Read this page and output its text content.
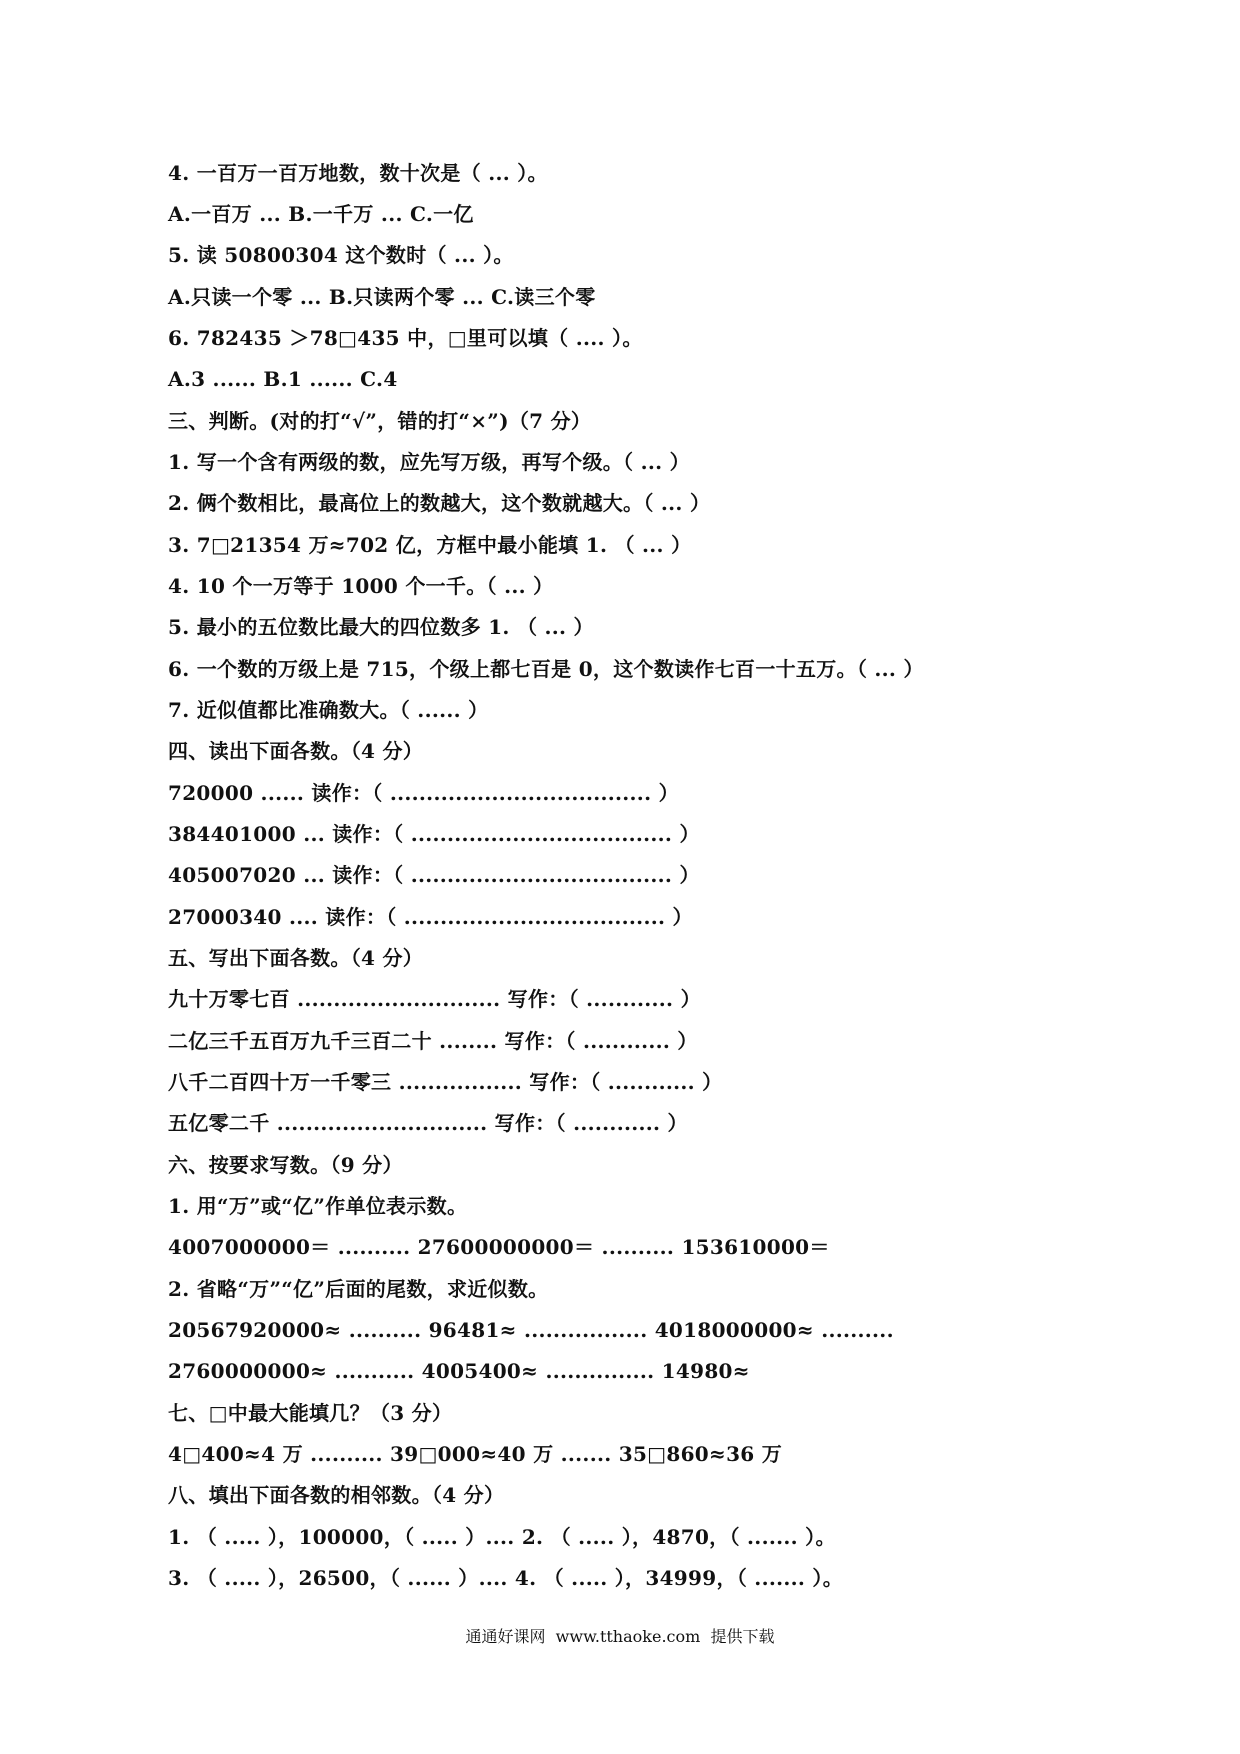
4. 一百万一百万地数，数十次是（ ... ）。
A.一百万 ... B.一千万 ... C.一亿
5. 读 50800304 这个数时（ ... ）。
A.只读一个零 ... B.只读两个零 ... C.读三个零
6. 782435 ＞78□435 中，□里可以填（ .... ）。
A.3 ...... B.1 ...... C.4
三、判断。(对的打“√”，错的打“×”)（7 分）
1. 写一个含有两级的数，应先写万级，再写个级。（ ... ）
2. 俩个数相比，最高位上的数越大，这个数就越大。（ ... ）
3. 7□21354 万≈702 亿，方框中最小能填 1. （ ... ）
4. 10 个一万等于 1000 个一千。（ ... ）
5. 最小的五位数比最大的四位数多 1. （ ... ）
6. 一个数的万级上是 715，个级上都七百是 0，这个数读作七百一十五万。（ ... ）
7. 近似值都比准确数大。（ ...... ）
四、读出下面各数。（4 分）
720000 ...... 读作：（ .................................... ）
384401000 ... 读作：（ .................................... ）
405007020 ... 读作：（ .................................... ）
27000340 .... 读作：（ .................................... ）
五、写出下面各数。（4 分）
九十万零七百 ............................ 写作：（ ............ ）
二亿三千五百万九千三百二十 ........ 写作：（ ............ ）
八千二百四十万一千零三 ................. 写作：（ ............ ）
五亿零二千 ............................. 写作：（ ............ ）
六、按要求写数。（9 分）
1. 用“万”或“亿”作单位表示数。
4007000000＝ .......... 27600000000＝ .......... 153610000＝
2. 省略“万”“亿”后面的尾数，求近似数。
20567920000≈ .......... 96481≈ ................. 4018000000≈ ..........
2760000000≈ ........... 4005400≈ ............... 14980≈
七、□中最大能填几？（3 分）
4□400≈4 万 .......... 39□000≈40 万 ....... 35□860≈36 万
八、填出下面各数的相邻数。（4 分）
1. （ ..... ），100000，（ ..... ）.... 2. （ ..... ），4870，（ ....... ）。
3. （ ..... ），26500，（ ...... ）.... 4. （ ..... ），34999，（ ....... ）。
通通好课网  www.tthaoke.com  提供下载
